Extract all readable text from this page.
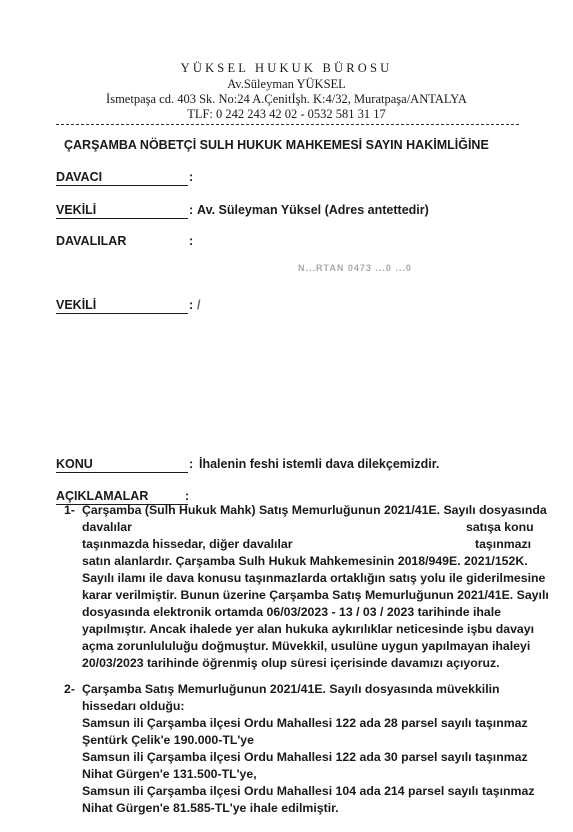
YÜKSEL HUKUK BÜROSU
Av.Süleyman YÜKSEL
İsmetpaşa cd. 403 Sk. No:24 A.Çenitİşh. K:4/32, Muratpaşa/ANTALYA
TLF: 0 242 243 42 02 - 0532 581 31 17
ÇARŞAMBA NÖBETÇİ SULH HUKUK MAHKEMESİ SAYIN HAKİMLİĞİNE
DAVACI	:
VEKİLİ	: Av. Süleyman Yüksel (Adres antettedir)
DAVALILAR	:
N...RTAN 0473 ...0 ...0
VEKİLİ	: /
KONU	: İhalenin feshi istemli dava dilekçemizdir.
AÇIKLAMALAR	:
1- Çarşamba (Sulh Hukuk Mahk) Satış Memurluğunun 2021/41E. Sayılı dosyasında
davalılar	satışa konu
taşınmazda hissedar, diğer davalılar	taşınmazı
satın alanlardır. Çarşamba Sulh Hukuk Mahkemesinin 2018/949E. 2021/152K.
Sayılı ilamı ile dava konusu taşınmazlarda ortaklığın satış yolu ile giderilmesine
karar verilmiştir. Bunun üzerine Çarşamba Satış Memurluğunun 2021/41E. Sayılı
dosyasında elektronik ortamda 06/03/2023 - 13 / 03 / 2023 tarihinde ihale
yapılmıştır. Ancak ihalede yer alan hukuka aykırılıklar neticesinde işbu davayı
açma zorunlululuğu doğmuştur. Müvekkil, usulüne uygun yapılmayan ihaleyi
20/03/2023 tarihinde öğrenmiş olup süresi içerisinde davamızı açıyoruz.
2- Çarşamba Satış Memurluğunun 2021/41E. Sayılı dosyasında müvekkilin
hissedarı olduğu:
Samsun ili Çarşamba ilçesi Ordu Mahallesi 122 ada 28 parsel sayılı taşınmaz
Şentürk Çelik'e 190.000-TL'ye
Samsun ili Çarşamba ilçesi Ordu Mahallesi 122 ada 30 parsel sayılı taşınmaz
Nihat Gürgen'e 131.500-TL'ye,
Samsun ili Çarşamba ilçesi Ordu Mahallesi 104 ada 214 parsel sayılı taşınmaz
Nihat Gürgen'e 81.585-TL'ye ihale edilmiştir.
